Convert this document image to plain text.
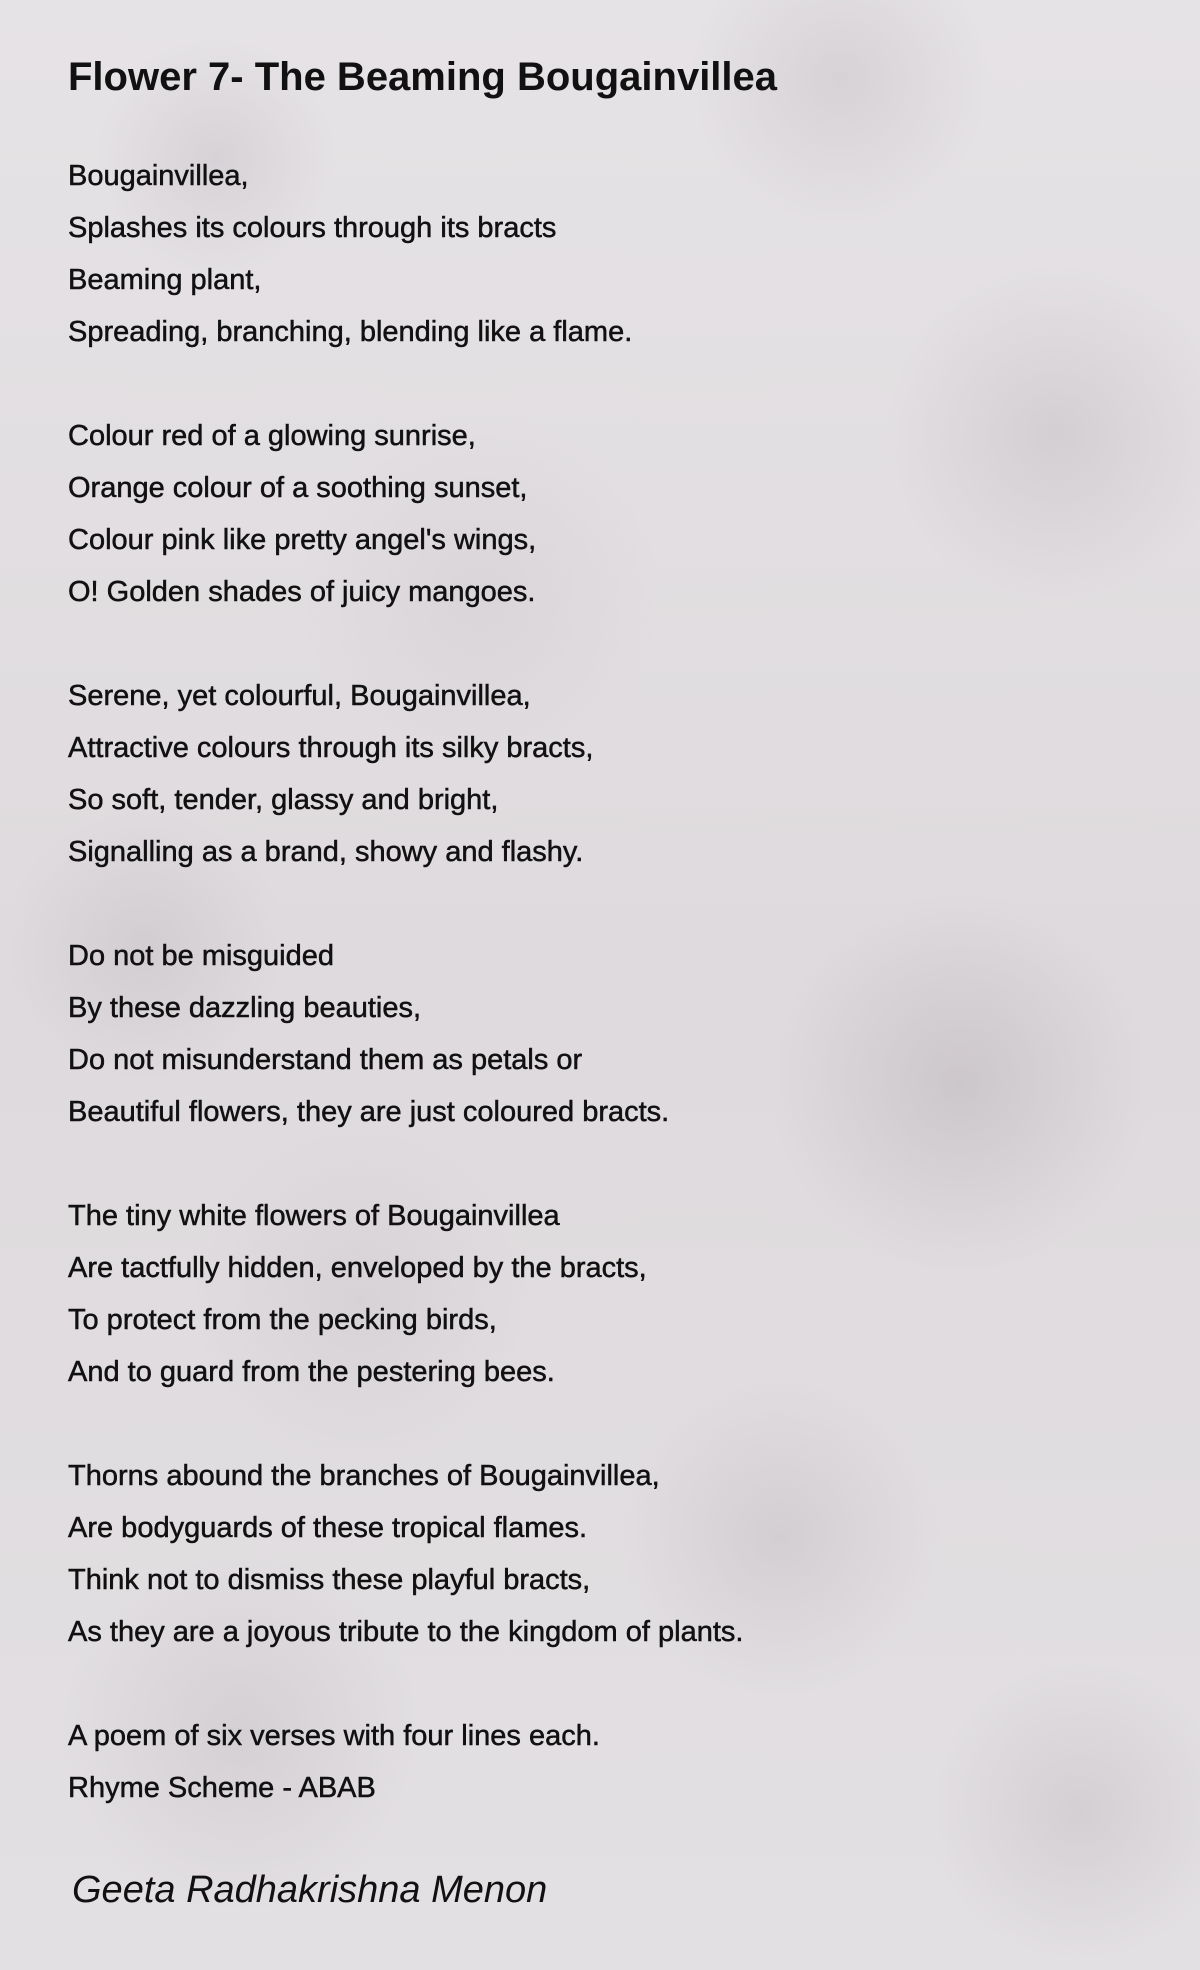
Flower 7- The Beaming Bougainvillea
Bougainvillea,
Splashes its colours through its bracts
Beaming plant,
Spreading, branching, blending like a flame.
Colour red of a glowing sunrise,
Orange colour of a soothing sunset,
Colour pink like pretty angel's wings,
O! Golden shades of juicy mangoes.
Serene, yet colourful, Bougainvillea,
Attractive colours through its silky bracts,
So soft, tender, glassy and bright,
Signalling as a brand, showy and flashy.
Do not be misguided
By these dazzling beauties,
Do not misunderstand them as petals or
Beautiful flowers, they are just coloured bracts.
The tiny white flowers of Bougainvillea
Are tactfully hidden, enveloped by the bracts,
To protect from the pecking birds,
And to guard from the pestering bees.
Thorns abound the branches of Bougainvillea,
Are bodyguards of these tropical flames.
Think not to dismiss these playful bracts,
As they are a joyous tribute to the kingdom of plants.
A poem of six verses with four lines each.
Rhyme Scheme - ABAB
Geeta Radhakrishna Menon
